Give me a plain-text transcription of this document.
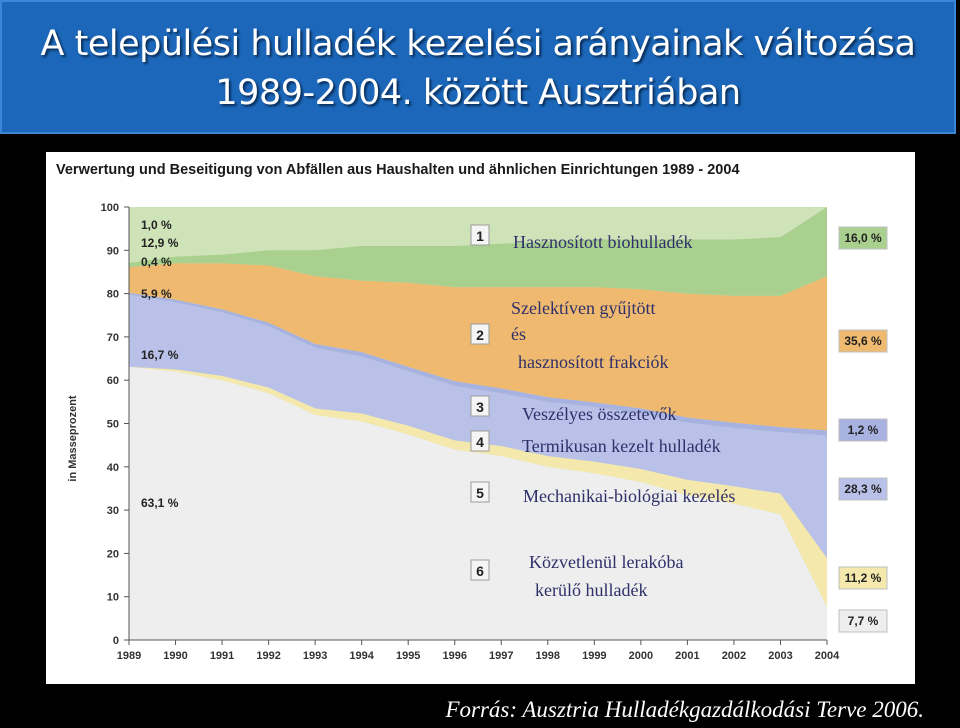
A települési hulladék kezelési arányainak változása
1989-2004. között Ausztriában
Verwertung und Beseitigung von Abfällen aus Haushalten und ähnlichen Einrichtungen 1989 - 2004
0
10
20
30
40
50
60
70
80
90
100
1989 1990 1991 1992 1993 1994 1995 1996 1997 1998 1999 2000 2001 2002 2003 2004
in Masseprozent
1,0 %
12,9 %
0,4 %
5,9 %
16,7 %
63,1 %
16,0 %
35,6 %
1,2 %
28,3 %
11,2 %
7,7 %
1
2
3
4
5
6
Hasznosított biohulladék
Szelektíven gyűjtött
és
hasznosított frakciók
Veszélyes összetevők
Termikusan kezelt hulladék
Mechanikai-biológiai kezelés
Közvetlenül lerakóba
kerülő hulladék
Forrás: Ausztria Hulladékgazdálkodási Terve 2006.
